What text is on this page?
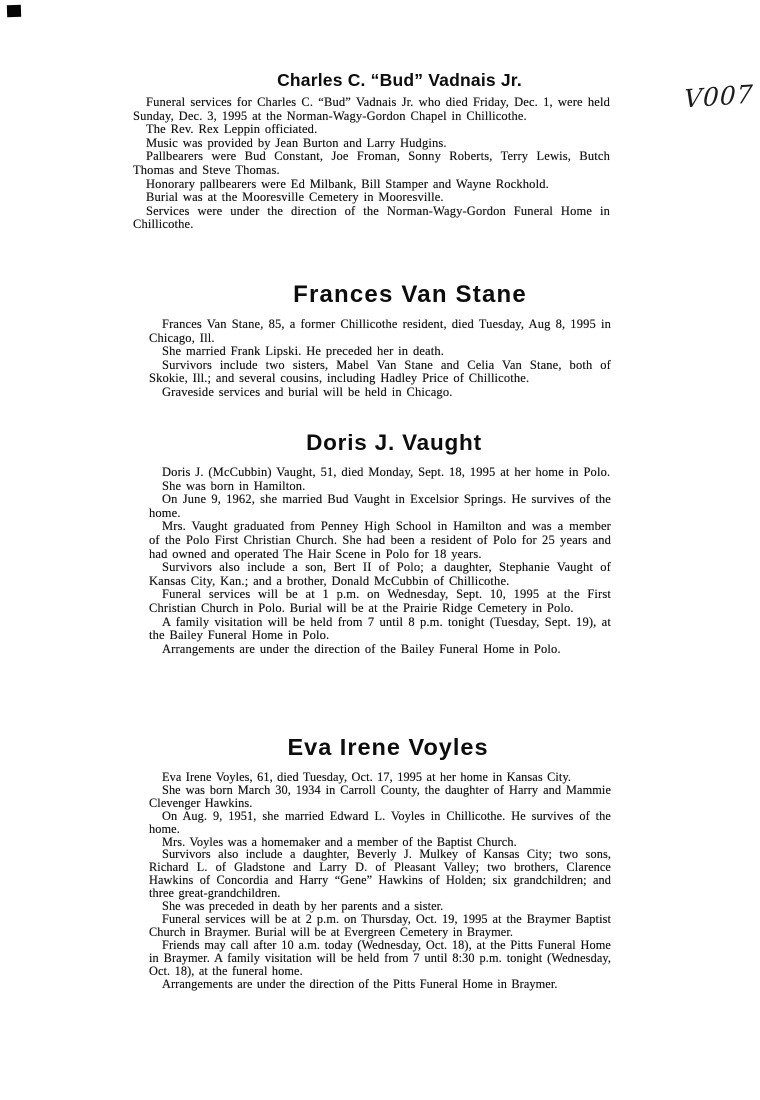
V007
Charles C. “Bud” Vadnais Jr.

Funeral services for Charles C. “Bud” Vadnais Jr. who died Friday, Dec. 1, were held Sunday, Dec. 3, 1995 at the Norman-Wagy-Gordon Chapel in Chillicothe.

The Rev. Rex Leppin officiated.

Music was provided by Jean Burton and Larry Hudgins.

Pallbearers were Bud Constant, Joe Froman, Sonny Roberts, Terry Lewis, Butch Thomas and Steve Thomas.

Honorary pallbearers were Ed Milbank, Bill Stamper and Wayne Rockhold.

Burial was at the Mooresville Cemetery in Mooresville.

Services were under the direction of the Norman-Wagy-Gordon Funeral Home in Chillicothe.

Frances Van Stane

Frances Van Stane, 85, a former Chillicothe resident, died Tuesday, Aug 8, 1995 in Chicago, Ill.

She married Frank Lipski. He preceded her in death.

Survivors include two sisters, Mabel Van Stane and Celia Van Stane, both of Skokie, Ill.; and several cousins, including Hadley Price of Chillicothe.

Graveside services and burial will be held in Chicago.

Doris J. Vaught

Doris J. (McCubbin) Vaught, 51, died Monday, Sept. 18, 1995 at her home in Polo.

She was born in Hamilton.

On June 9, 1962, she married Bud Vaught in Excelsior Springs. He survives of the home.

Mrs. Vaught graduated from Penney High School in Hamilton and was a member of the Polo First Christian Church. She had been a resident of Polo for 25 years and had owned and operated The Hair Scene in Polo for 18 years.

Survivors also include a son, Bert II of Polo; a daughter, Stephanie Vaught of Kansas City, Kan.; and a brother, Donald McCubbin of Chillicothe.

Funeral services will be at 1 p.m. on Wednesday, Sept. 10, 1995 at the First Christian Church in Polo. Burial will be at the Prairie Ridge Cemetery in Polo.

A family visitation will be held from 7 until 8 p.m. tonight (Tuesday, Sept. 19), at the Bailey Funeral Home in Polo.

Arrangements are under the direction of the Bailey Funeral Home in Polo.

Eva Irene Voyles

Eva Irene Voyles, 61, died Tuesday, Oct. 17, 1995 at her home in Kansas City.

She was born March 30, 1934 in Carroll County, the daughter of Harry and Mammie Clevenger Hawkins.

On Aug. 9, 1951, she married Edward L. Voyles in Chillicothe. He survives of the home.

Mrs. Voyles was a homemaker and a member of the Baptist Church.

Survivors also include a daughter, Beverly J. Mulkey of Kansas City; two sons, Richard L. of Gladstone and Larry D. of Pleasant Valley; two brothers, Clarence Hawkins of Concordia and Harry “Gene” Hawkins of Holden; six grandchildren; and three great-grandchildren.

She was preceded in death by her parents and a sister.

Funeral services will be at 2 p.m. on Thursday, Oct. 19, 1995 at the Braymer Baptist Church in Braymer. Burial will be at Evergreen Cemetery in Braymer.

Friends may call after 10 a.m. today (Wednesday, Oct. 18), at the Pitts Funeral Home in Braymer. A family visitation will be held from 7 until 8:30 p.m. tonight (Wednesday, Oct. 18), at the funeral home.

Arrangements are under the direction of the Pitts Funeral Home in Braymer.
